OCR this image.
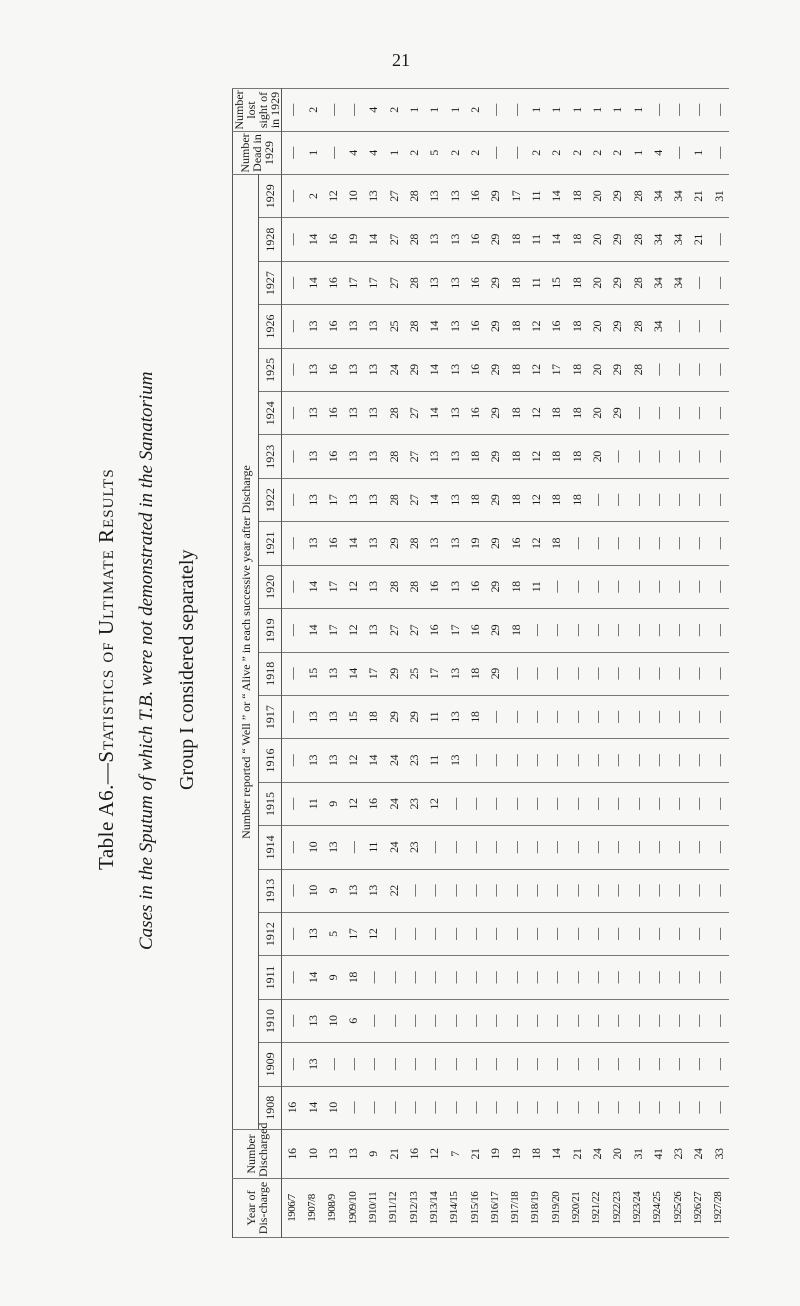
21
Table A6.—Statistics of Ultimate Results Cases in the Sputum of which T.B. were not demonstrated in the Sanatorium Group I considered separately
Year of Dis-charge	Number Discharged	Number reported “ Well ” or “ Alive ” in each successive year after Discharge																						Number Dead in 1929	Number lost sight of in 1929
		1908	1909	1910	1911	1912	1913	1914	1915	1916	1917	1918	1919	1920	1921	1922	1923	1924	1925	1926	1927	1928	1929		
1906/7	16	16	—	—	—	—	—	—	—	—	—	—	—	—	—	—	—	—	—	—	—	—	—	—	—
1907/8	10	14	13	13	14	13	10	10	11	13	13	15	14	14	13	13	13	13	13	13	14	14	2	1	2
1908/9	13	10	—	10	9	5	9	13	9	13	13	13	17	17	16	17	16	16	16	16	16	16	12	—	—
1909/10	13	—	—	6	18	17	13	—	12	12	15	14	12	12	14	13	13	13	13	13	17	19	10	4	—
1910/11	9	—	—	—	—	12	13	11	16	14	18	17	13	13	13	13	13	13	13	13	17	14	13	4	4
1911/12	21	—	—	—	—	—	22	24	24	24	29	29	27	28	29	28	28	28	24	25	27	27	27	1	2
1912/13	16	—	—	—	—	—	—	23	23	23	29	25	27	28	28	27	27	27	29	28	28	28	28	2	1
1913/14	12	—	—	—	—	—	—	—	12	11	11	17	16	16	13	14	13	14	14	14	13	13	13	5	1
1914/15	7	—	—	—	—	—	—	—	—	13	13	13	17	13	13	13	13	13	13	13	13	13	13	2	1
1915/16	21	—	—	—	—	—	—	—	—	—	18	18	16	16	19	18	18	16	16	16	16	16	16	2	2
1916/17	19	—	—	—	—	—	—	—	—	—	—	29	29	29	29	29	29	29	29	29	29	29	29	—	—
1917/18	19	—	—	—	—	—	—	—	—	—	—	—	18	18	16	18	18	18	18	18	18	18	17	—	—
1918/19	18	—	—	—	—	—	—	—	—	—	—	—	—	11	12	12	12	12	12	12	11	11	11	2	1
1919/20	14	—	—	—	—	—	—	—	—	—	—	—	—	—	18	18	18	18	17	16	15	14	14	2	1
1920/21	21	—	—	—	—	—	—	—	—	—	—	—	—	—	—	18	18	18	18	18	18	18	18	2	1
1921/22	24	—	—	—	—	—	—	—	—	—	—	—	—	—	—	—	20	20	20	20	20	20	20	2	1
1922/23	20	—	—	—	—	—	—	—	—	—	—	—	—	—	—	—	—	29	29	29	29	29	29	2	1
1923/24	31	—	—	—	—	—	—	—	—	—	—	—	—	—	—	—	—	—	28	28	28	28	28	1	1
1924/25	41	—	—	—	—	—	—	—	—	—	—	—	—	—	—	—	—	—	—	34	34	34	34	4	—
1925/26	23	—	—	—	—	—	—	—	—	—	—	—	—	—	—	—	—	—	—	—	34	34	34	—	—
1926/27	24	—	—	—	—	—	—	—	—	—	—	—	—	—	—	—	—	—	—	—	—	21	21	1	—
1927/28	33	—	—	—	—	—	—	—	—	—	—	—	—	—	—	—	—	—	—	—	—	—	31	—	—
